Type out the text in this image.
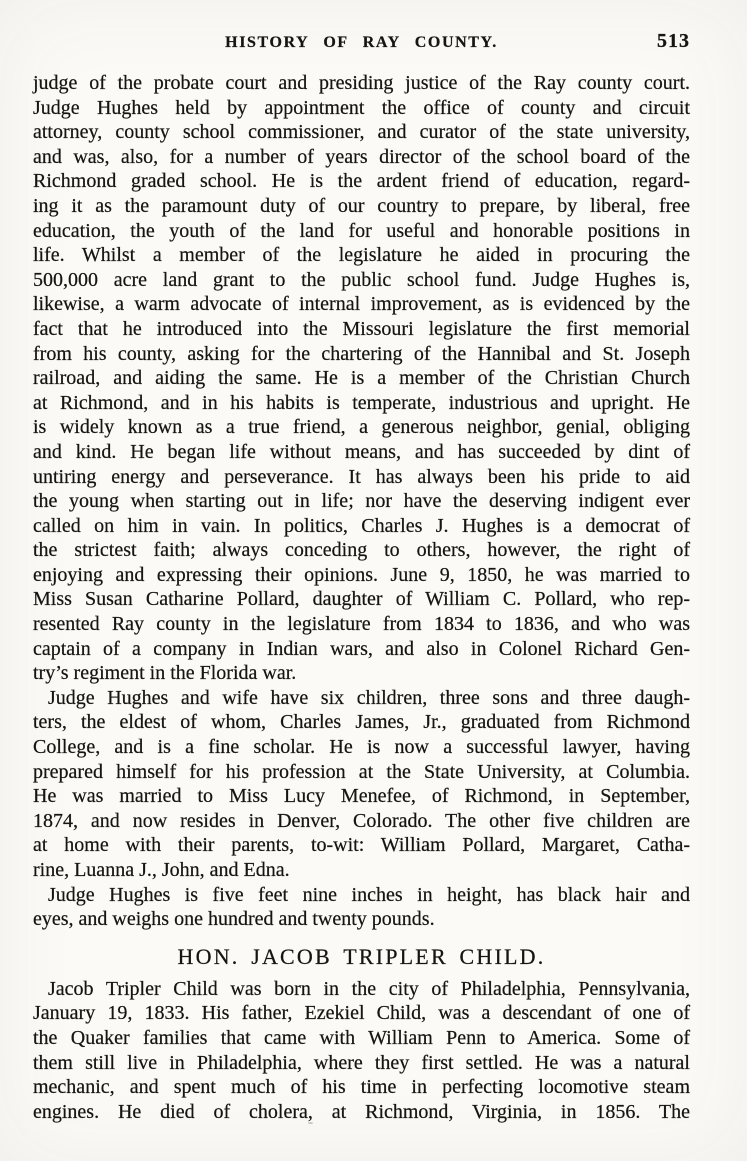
HISTORY OF RAY COUNTY.	513
judge of the probate court and presiding justice of the Ray county court.
Judge Hughes held by appointment the office of county and circuit
attorney, county school commissioner, and curator of the state university,
and was, also, for a number of years director of the school board of the
Richmond graded school. He is the ardent friend of education, regard-
ing it as the paramount duty of our country to prepare, by liberal, free
education, the youth of the land for useful and honorable positions in
life. Whilst a member of the legislature he aided in procuring the
500,000 acre land grant to the public school fund. Judge Hughes is,
likewise, a warm advocate of internal improvement, as is evidenced by the
fact that he introduced into the Missouri legislature the first memorial
from his county, asking for the chartering of the Hannibal and St. Joseph
railroad, and aiding the same. He is a member of the Christian Church
at Richmond, and in his habits is temperate, industrious and upright. He
is widely known as a true friend, a generous neighbor, genial, obliging
and kind. He began life without means, and has succeeded by dint of
untiring energy and perseverance. It has always been his pride to aid
the young when starting out in life; nor have the deserving indigent ever
called on him in vain. In politics, Charles J. Hughes is a democrat of
the strictest faith; always conceding to others, however, the right of
enjoying and expressing their opinions. June 9, 1850, he was married to
Miss Susan Catharine Pollard, daughter of William C. Pollard, who rep-
resented Ray county in the legislature from 1834 to 1836, and who was
captain of a company in Indian wars, and also in Colonel Richard Gen-
try’s regiment in the Florida war.
Judge Hughes and wife have six children, three sons and three daugh-
ters, the eldest of whom, Charles James, Jr., graduated from Richmond
College, and is a fine scholar. He is now a successful lawyer, having
prepared himself for his profession at the State University, at Columbia.
He was married to Miss Lucy Menefee, of Richmond, in September,
1874, and now resides in Denver, Colorado. The other five children are
at home with their parents, to-wit: William Pollard, Margaret, Catha-
rine, Luanna J., John, and Edna.
Judge Hughes is five feet nine inches in height, has black hair and
eyes, and weighs one hundred and twenty pounds.
HON. JACOB TRIPLER CHILD.
Jacob Tripler Child was born in the city of Philadelphia, Pennsylvania,
January 19, 1833. His father, Ezekiel Child, was a descendant of one of
the Quaker families that came with William Penn to America. Some of
them still live in Philadelphia, where they first settled. He was a natural
mechanic, and spent much of his time in perfecting locomotive steam
engines. He died of cholera, at Richmond, Virginia, in 1856. The
